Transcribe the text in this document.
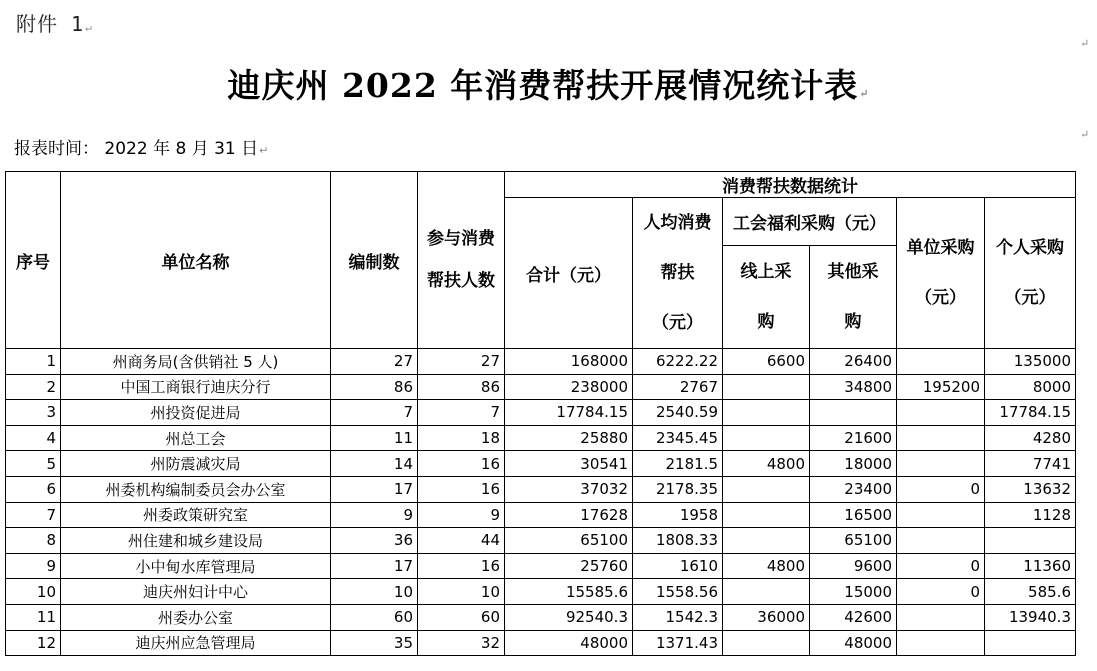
附件 1↵
迪庆州 2022 年消费帮扶开展情况统计表↵
报表时间： 2022 年 8 月 31 日↵
↵
↵
序号	单位名称	编制数	参与消费帮扶人数	消费帮扶数据统计					
				合计（元）	人均消费帮扶（元）	工会福利采购（元）		单位采购（元）	个人采购（元）
						线上采购	其他采购		
1	州商务局(含供销社 5 人)	27	27	168000	6222.22	6600	26400		135000
2	中国工商银行迪庆分行	86	86	238000	2767		34800	195200	8000
3	州投资促进局	7	7	17784.15	2540.59				17784.15
4	州总工会	11	18	25880	2345.45		21600		4280
5	州防震减灾局	14	16	30541	2181.5	4800	18000		7741
6	州委机构编制委员会办公室	17	16	37032	2178.35		23400	0	13632
7	州委政策研究室	9	9	17628	1958		16500		1128
8	州住建和城乡建设局	36	44	65100	1808.33		65100		
9	小中甸水库管理局	17	16	25760	1610	4800	9600	0	11360
10	迪庆州妇计中心	10	10	15585.6	1558.56		15000	0	585.6
11	州委办公室	60	60	92540.3	1542.3	36000	42600		13940.3
12	迪庆州应急管理局	35	32	48000	1371.43		48000		
